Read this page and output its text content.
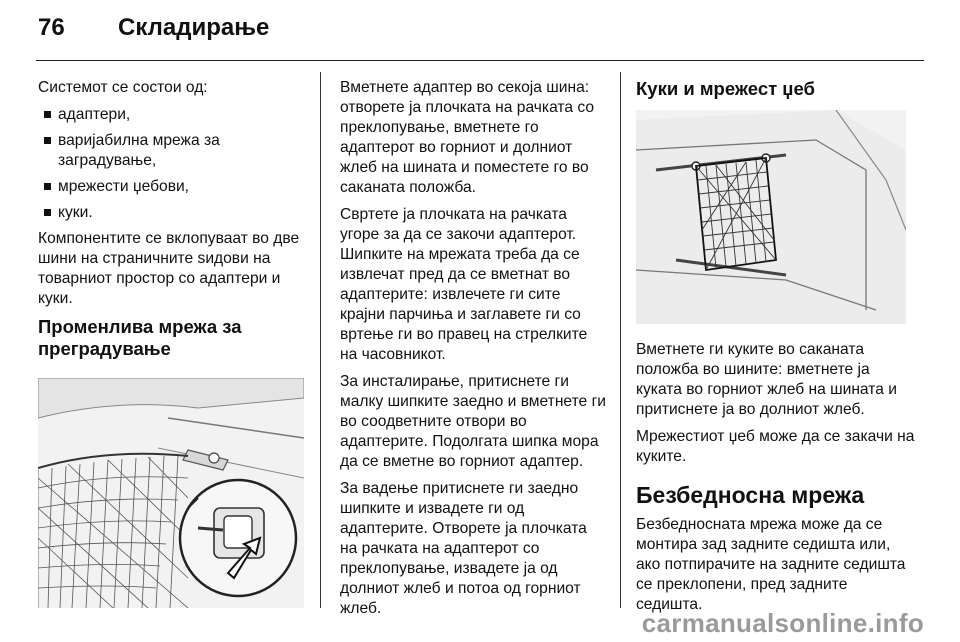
76 Складирање

Системот се состои од:

адаптери,
варијабилна мрежа за заградување,
мрежести џебови,
куки.

Компонентите се вклопуваат во две шини на страничните ѕидови на товарниот простор со адаптери и куки.

Променлива мрежа за преградување

Вметнете адаптер во секоја шина: отворете ја плочката на рачката со преклопување, вметнете го адаптерот во горниот и долниот жлеб на шината и поместете го во саканата положба.

Свртете ја плочката на рачката угоре за да се закочи адаптерот. Шипките на мрежата треба да се извлечат пред да се вметнат во адаптерите: извлечете ги сите крајни парчиња и заглавете ги со вртење ги во правец на стрелките на часовникот.

За инсталирање, притиснете ги малку шипките заедно и вметнете ги во соодветните отвори во адаптерите. Подолгата шипка мора да се вметне во горниот адаптер.

За вадење притиснете ги заедно шипките и извадете ги од адаптерите. Отворете ја плочката на рачката на адаптерот со преклопување, извадете ја од долниот жлеб и потоа од горниот жлеб.

Куки и мрежест џеб

Вметнете ги куките во саканата положба во шините: вметнете ја куката во горниот жлеб на шината и притиснете ја во долниот жлеб.

Мрежестиот џеб може да се закачи на куките.

Безбедносна мрежа

Безбедносната мрежа може да се монтира зад задните седишта или, ако потпирачите на задните седишта се преклопени, пред задните седишта.

carmanualsonline.info
